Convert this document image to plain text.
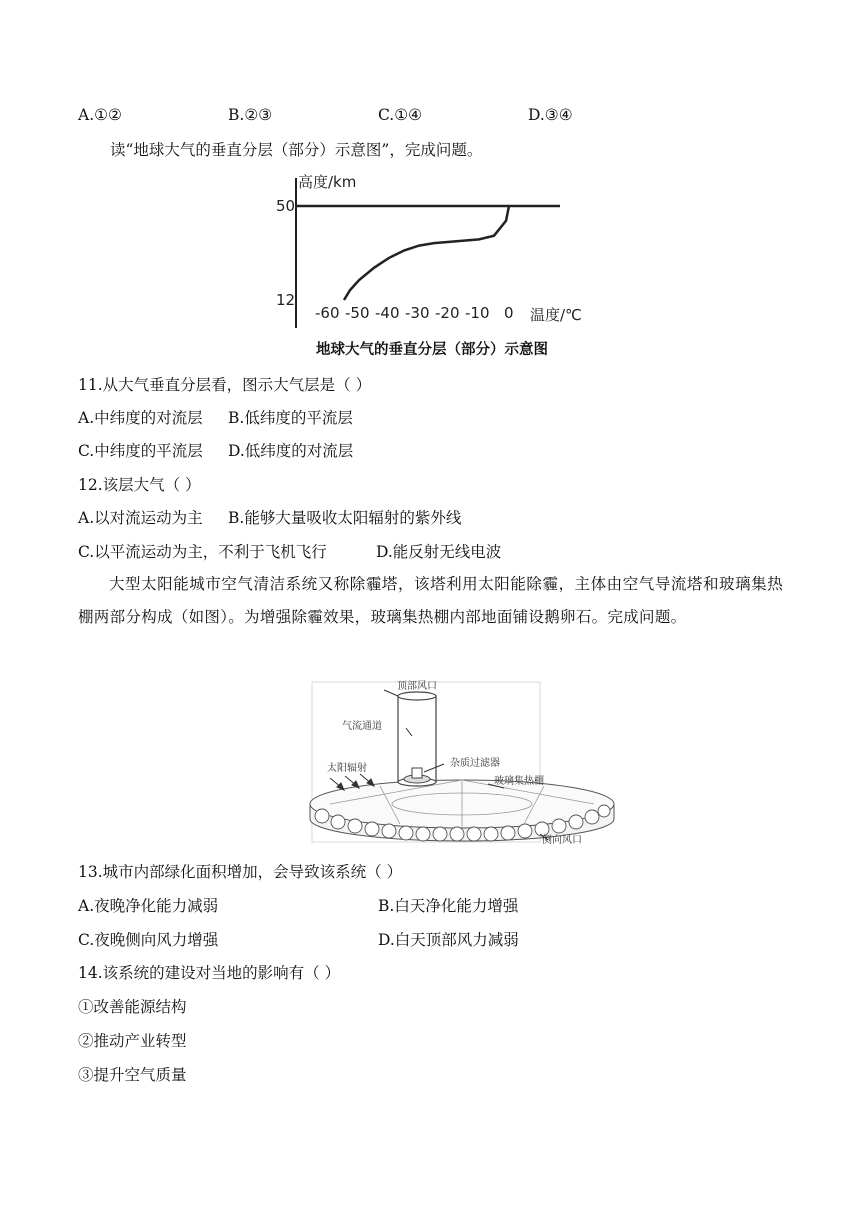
A.①②	B.②③	C.①④	D.③④
读“地球大气的垂直分层（部分）示意图”，完成问题。
高度/km
50
12
-60 -50 -40 -30 -20 -10 0 温度/℃
地球大气的垂直分层（部分）示意图
11.从大气垂直分层看，图示大气层是（ ）
A.中纬度的对流层 B.低纬度的平流层
C.中纬度的平流层 D.低纬度的对流层
12.该层大气（ ）
A.以对流运动为主 B.能够大量吸收太阳辐射的紫外线
C.以平流运动为主，不利于飞机飞行	D.能反射无线电波
大型太阳能城市空气清洁系统又称除霾塔，该塔利用太阳能除霾，主体由空气导流塔和玻璃集热棚两部分构成（如图）。为增强除霾效果，玻璃集热棚内部地面铺设鹅卵石。完成问题。
顶部风口
气流通道
杂质过滤器
太阳辐射
玻璃集热棚
侧向风口
13.城市内部绿化面积增加，会导致该系统（ ）
A.夜晚净化能力减弱	B.白天净化能力增强
C.夜晚侧向风力增强	D.白天顶部风力减弱
14.该系统的建设对当地的影响有（ ）
①改善能源结构
②推动产业转型
③提升空气质量
